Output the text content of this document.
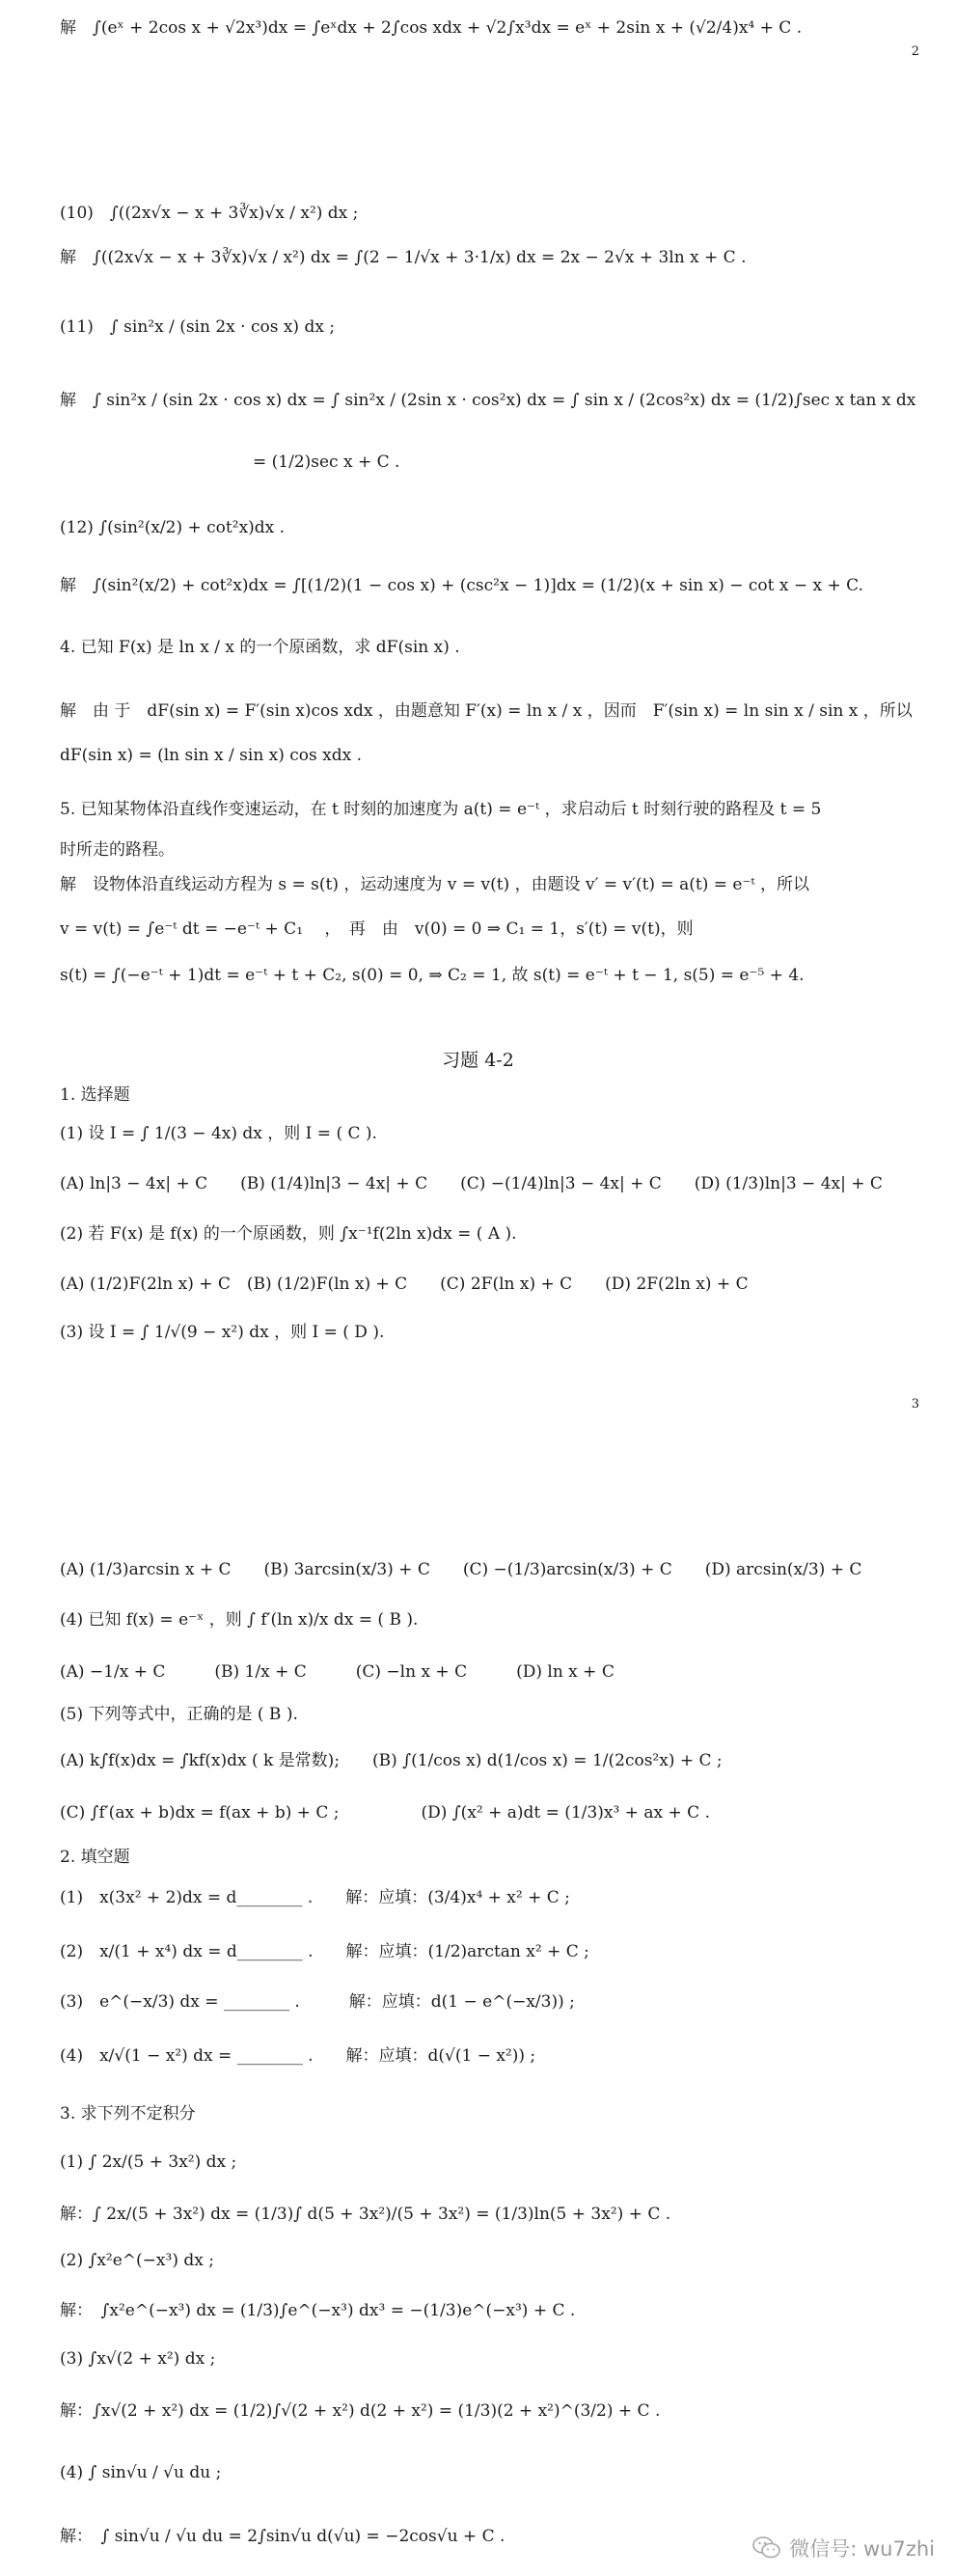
解　∫(eˣ + 2cos x + √2x³)dx = ∫eˣdx + 2∫cos xdx + √2∫x³dx = eˣ + 2sin x + (√2/4)x⁴ + C .
2
(10)　∫((2x√x − x + 3∛x)√x / x²) dx ;
解　∫((2x√x − x + 3∛x)√x / x²) dx = ∫(2 − 1/√x + 3·1/x) dx = 2x − 2√x + 3ln x + C .
(11)　∫ sin²x / (sin 2x · cos x) dx ;
解　∫ sin²x / (sin 2x · cos x) dx = ∫ sin²x / (2sin x · cos²x) dx = ∫ sin x / (2cos²x) dx = (1/2)∫sec x tan x dx
= (1/2)sec x + C .
(12) ∫(sin²(x/2) + cot²x)dx .
解　∫(sin²(x/2) + cot²x)dx = ∫[(1/2)(1 − cos x) + (csc²x − 1)]dx = (1/2)(x + sin x) − cot x − x + C.
4. 已知 F(x) 是 ln x / x 的一个原函数，求 dF(sin x) .
解　由 于　dF(sin x) = F′(sin x)cos xdx ，由题意知 F′(x) = ln x / x ，因而　F′(sin x) = ln sin x / sin x ，所以
dF(sin x) = (ln sin x / sin x) cos xdx .
5. 已知某物体沿直线作变速运动，在 t 时刻的加速度为 a(t) = e⁻ᵗ ，求启动后 t 时刻行驶的路程及 t = 5
时所走的路程。
解　设物体沿直线运动方程为 s = s(t) ，运动速度为 v = v(t) ，由题设 v′ = v′(t) = a(t) = e⁻ᵗ ，所以
v = v(t) = ∫e⁻ᵗ dt = −e⁻ᵗ + C₁ 　，　再　由　v(0) = 0 ⇒ C₁ = 1，s′(t) = v(t)，则
s(t) = ∫(−e⁻ᵗ + 1)dt = e⁻ᵗ + t + C₂, s(0) = 0, ⇒ C₂ = 1, 故 s(t) = e⁻ᵗ + t − 1, s(5) = e⁻⁵ + 4.
习题 4-2
1. 选择题
(1) 设 I = ∫ 1/(3 − 4x) dx ，则 I = ( C ).
(A) ln|3 − 4x| + C　　(B) (1/4)ln|3 − 4x| + C　　(C) −(1/4)ln|3 − 4x| + C　　(D) (1/3)ln|3 − 4x| + C
(2) 若 F(x) 是 f(x) 的一个原函数，则 ∫x⁻¹f(2ln x)dx = ( A ).
(A) (1/2)F(2ln x) + C　(B) (1/2)F(ln x) + C　　(C) 2F(ln x) + C　　(D) 2F(2ln x) + C
(3) 设 I = ∫ 1/√(9 − x²) dx ，则 I = ( D ).
3
(A) (1/3)arcsin x + C　　(B) 3arcsin(x/3) + C　　(C) −(1/3)arcsin(x/3) + C　　(D) arcsin(x/3) + C
(4) 已知 f(x) = e⁻ˣ ，则 ∫ f′(ln x)/x dx = ( B ).
(A) −1/x + C　　　(B) 1/x + C　　　(C) −ln x + C　　　(D) ln x + C
(5) 下列等式中，正确的是 ( B ).
(A) k∫f(x)dx = ∫kf(x)dx ( k 是常数);　　(B) ∫(1/cos x) d(1/cos x) = 1/(2cos²x) + C ;
(C) ∫f′(ax + b)dx = f(ax + b) + C ;　　　　　(D) ∫(x² + a)dt = (1/3)x³ + ax + C .
2. 填空题
(1)　x(3x² + 2)dx = d________ .　　解：应填：(3/4)x⁴ + x² + C ;
(2)　x/(1 + x⁴) dx = d________ .　　解：应填：(1/2)arctan x² + C ;
(3)　e^(−x/3) dx = ________ .　　　解：应填：d(1 − e^(−x/3)) ;
(4)　x/√(1 − x²) dx = ________ .　　解：应填：d(√(1 − x²)) ;
3. 求下列不定积分
(1) ∫ 2x/(5 + 3x²) dx ;
解：∫ 2x/(5 + 3x²) dx = (1/3)∫ d(5 + 3x²)/(5 + 3x²) = (1/3)ln(5 + 3x²) + C .
(2) ∫x²e^(−x³) dx ;
解：　∫x²e^(−x³) dx = (1/3)∫e^(−x³) dx³ = −(1/3)e^(−x³) + C .
(3) ∫x√(2 + x²) dx ;
解：∫x√(2 + x²) dx = (1/2)∫√(2 + x²) d(2 + x²) = (1/3)(2 + x²)^(3/2) + C .
(4) ∫ sin√u / √u du ;
解：　∫ sin√u / √u du = 2∫sin√u d(√u) = −2cos√u + C .
微信号: wu7zhi
